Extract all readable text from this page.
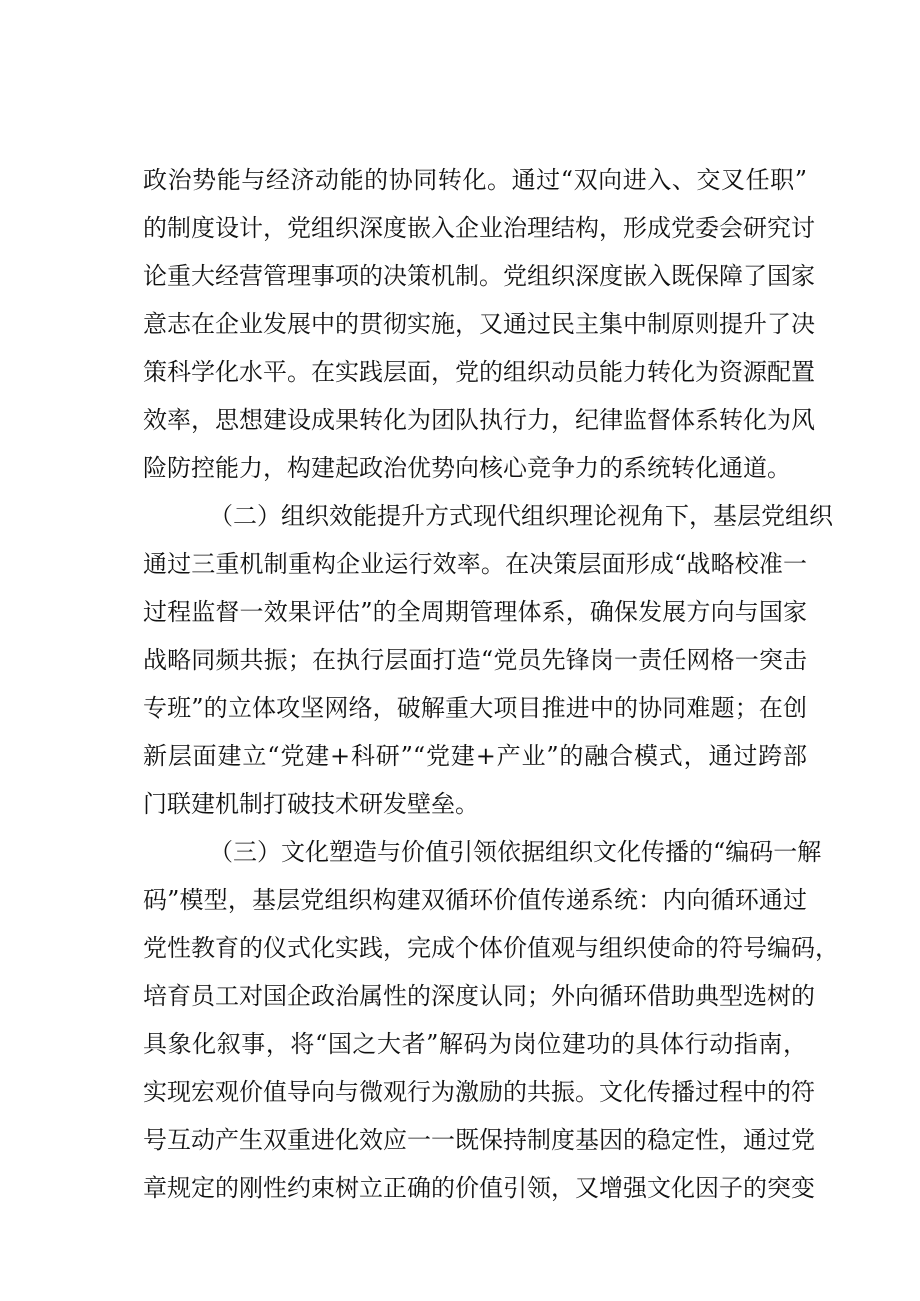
政治势能与经济动能的协同转化。通过“双向进入、交叉任职”
的制度设计，党组织深度嵌入企业治理结构，形成党委会研究讨
论重大经营管理事项的决策机制。党组织深度嵌入既保障了国家
意志在企业发展中的贯彻实施，又通过民主集中制原则提升了决
策科学化水平。在实践层面，党的组织动员能力转化为资源配置
效率，思想建设成果转化为团队执行力，纪律监督体系转化为风
险防控能力，构建起政治优势向核心竞争力的系统转化通道。
（二）组织效能提升方式现代组织理论视角下，基层党组织
通过三重机制重构企业运行效率。在决策层面形成“战略校准一
过程监督一效果评估”的全周期管理体系，确保发展方向与国家
战略同频共振；在执行层面打造“党员先锋岗一责任网格一突击
专班”的立体攻坚网络，破解重大项目推进中的协同难题；在创
新层面建立“党建+科研”“党建+产业”的融合模式，通过跨部
门联建机制打破技术研发壁垒。
（三）文化塑造与价值引领依据组织文化传播的“编码一解
码”模型，基层党组织构建双循环价值传递系统：内向循环通过
党性教育的仪式化实践，完成个体价值观与组织使命的符号编码，
培育员工对国企政治属性的深度认同；外向循环借助典型选树的
具象化叙事，将“国之大者”解码为岗位建功的具体行动指南，
实现宏观价值导向与微观行为激励的共振。文化传播过程中的符
号互动产生双重进化效应一一既保持制度基因的稳定性，通过党
章规定的刚性约束树立正确的价值引领，又增强文化因子的突变
